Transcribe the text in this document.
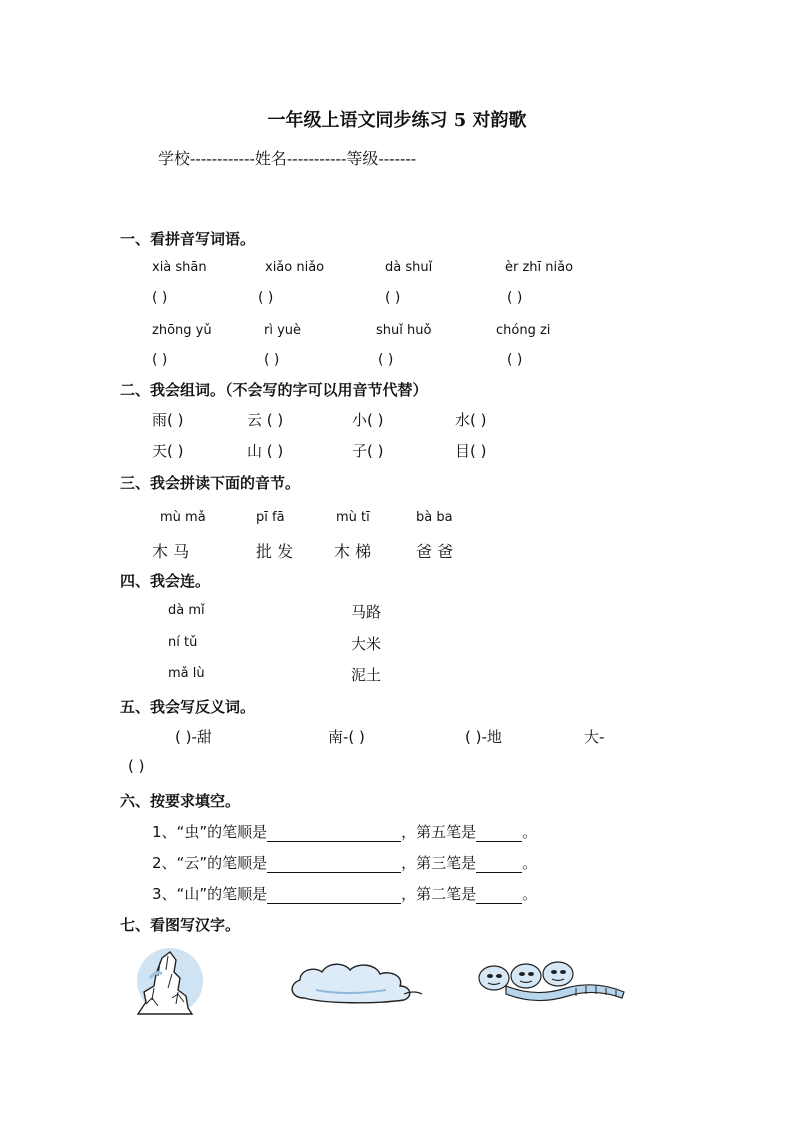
一年级上语文同步练习 5 对韵歌
学校------------姓名-----------等级-------
一、看拼音写词语。
xià shān	xiǎo niǎo	dà shuǐ	èr zhī niǎo
( )	( )	( )	( )
zhōng yǔ	rì yuè	shuǐ huǒ	chóng zi
( )	( )	( )	( )
二、我会组词。（不会写的字可以用音节代替）
雨( )	云 ( )	小( )	水( )
天( )	山 ( )	子( )	目( )
三、我会拼读下面的音节。
mù mǎ	pī fā	mù tī	bà ba
木 马	批 发	木 梯	爸 爸
四、我会连。
dà mǐ
ní tǔ
mǎ lù
马路
大米
泥土
五、我会写反义词。
( )-甜	南-( )	( )-地	大-
( )
六、按要求填空。
1、“虫”的笔顺是	，第五笔是	。
2、“云”的笔顺是	，第三笔是	。
3、“山”的笔顺是	，第二笔是	。
七、看图写汉字。
